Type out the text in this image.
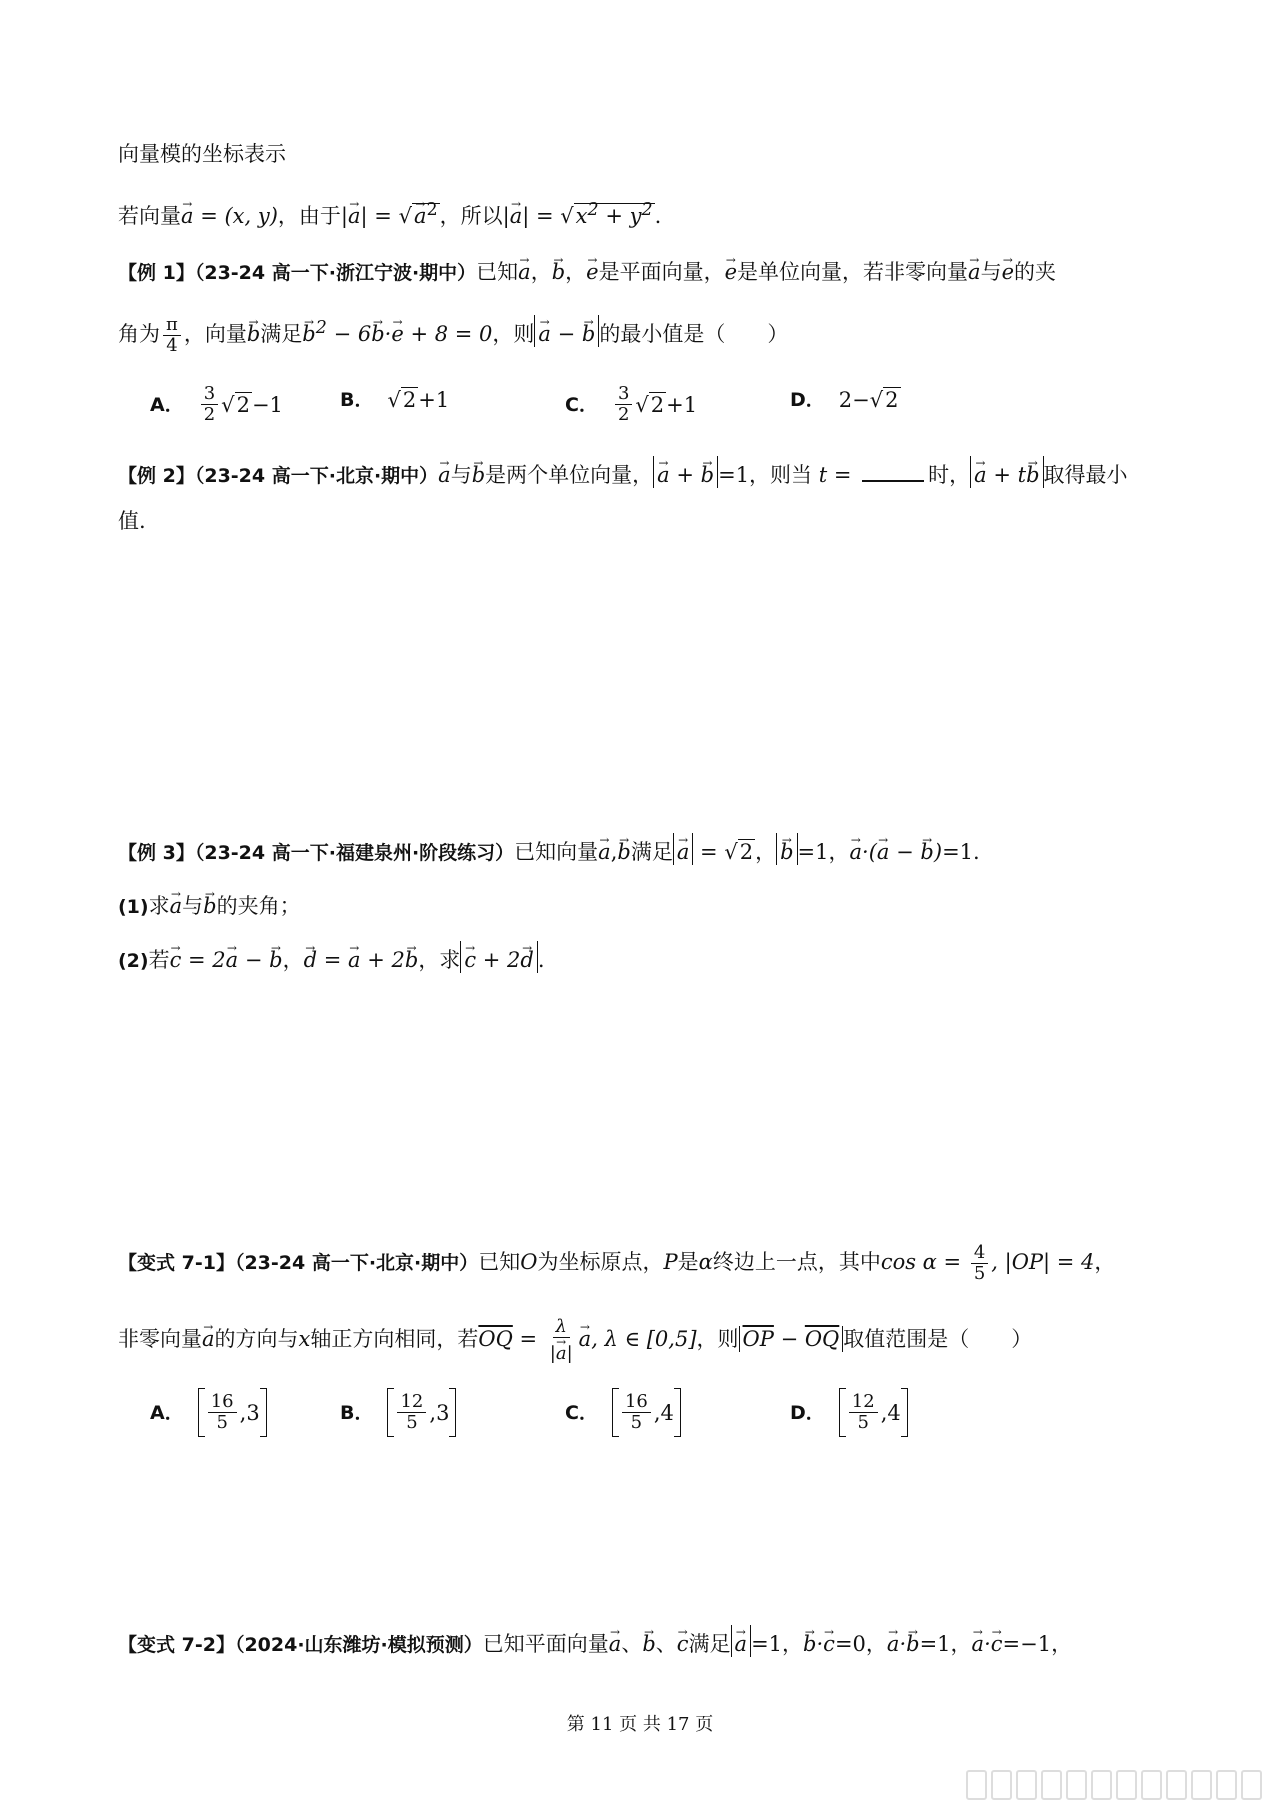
向量模的坐标表示
若向量→ a = (x, y)，由于|→ a| = √→ $a^2$，所以|→ $a| = √x^2 + y^2$.
【例 1】（23-24 高一下·浙江宁波·期中）已知→ a，→ b，→ e是平面向量，→ e是单位向量，若非零向量→ a与→ e的夹
角为 $\frac{\pi}{4}$ ，向量→ b满足→ $b^2 - 6\to b\cdot\to e + 8 = 0$，则 → a − → b 的最小值是（　　）
A． $\frac{3}{2} √2 -1$	B． √2 +1	C． $\frac{3}{2} √2 +1$	D． 2− √2
【例 2】（23-24 高一下·北京·期中）→ a与→ b是两个单位向量， → a + → b =1，则当 t =	时， → a + t→ b 取得最小
值.
【例 3】（23-24 高一下·福建泉州·阶段练习）已知向量→ a,→ b满足 → a = √2， → b =1，→ a·(→ a − → b)=1.
(1)求→ a与→ b的夹角；
(2)若→ c = 2→ a − → b，→ d = → a + 2→ b，求 → c + 2→ d .
【变式 7-1】（23-24 高一下·北京·期中）已知O为坐标原点，P是α终边上一点，其中$\cos \alpha = \frac{4}{5}$ , |OP| = 4，
非零向量→ a的方向与x轴正方向相同，若$\overline{OQ} = \frac{\lambda}{|\to a|} \to a$, λ ∈ [0,5]，则 $\overline{OP} - \overline{OQ}$ 取值范围是（　　）
A． $\frac{16}{5}$ , 3	B． $\frac{12}{5}$ , 3	C． $\frac{16}{5}$ , 4	D． $\frac{12}{5}$ , 4
【变式 7-2】（2024·山东潍坊·模拟预测）已知平面向量→ a、→ b、→ c满足 → a =1，→ b·→ c=0，→ a·→ b=1，→ a·→ c=−1，
第 11 页 共 17 页
